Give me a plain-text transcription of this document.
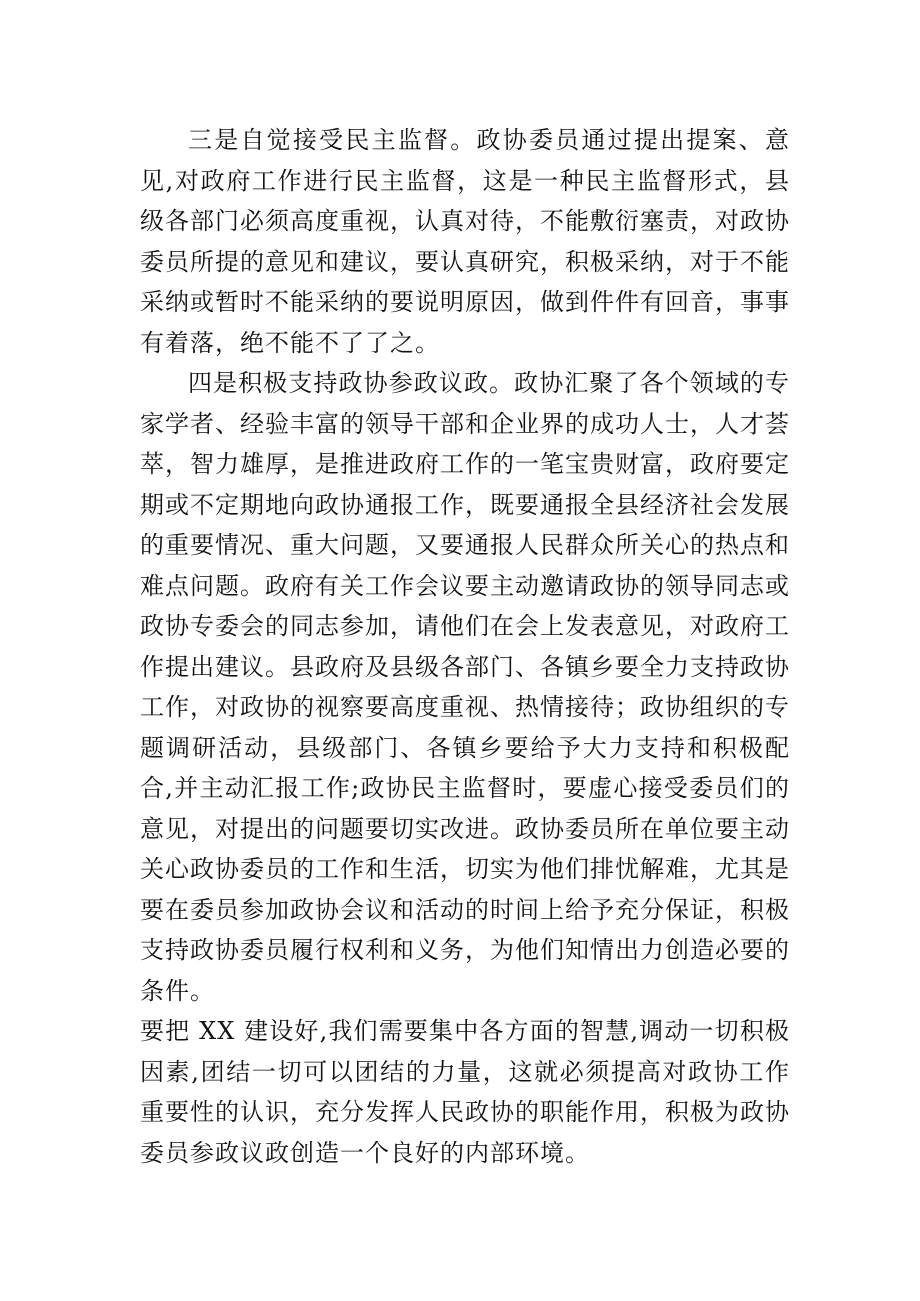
三是自觉接受民主监督。政协委员通过提出提案、意见,对政府工作进行民主监督，这是一种民主监督形式，县级各部门必须高度重视，认真对待，不能敷衍塞责，对政协委员所提的意见和建议，要认真研究，积极采纳，对于不能采纳或暂时不能采纳的要说明原因，做到件件有回音，事事有着落，绝不能不了了之。

四是积极支持政协参政议政。政协汇聚了各个领域的专家学者、经验丰富的领导干部和企业界的成功人士，人才荟萃，智力雄厚，是推进政府工作的一笔宝贵财富，政府要定期或不定期地向政协通报工作，既要通报全县经济社会发展的重要情况、重大问题，又要通报人民群众所关心的热点和难点问题。政府有关工作会议要主动邀请政协的领导同志或政协专委会的同志参加，请他们在会上发表意见，对政府工作提出建议。县政府及县级各部门、各镇乡要全力支持政协工作，对政协的视察要高度重视、热情接待；政协组织的专题调研活动，县级部门、各镇乡要给予大力支持和积极配合,并主动汇报工作;政协民主监督时，要虚心接受委员们的意见，对提出的问题要切实改进。政协委员所在单位要主动关心政协委员的工作和生活，切实为他们排忧解难，尤其是要在委员参加政协会议和活动的时间上给予充分保证，积极支持政协委员履行权利和义务，为他们知情出力创造必要的条件。

要把 XX 建设好,我们需要集中各方面的智慧,调动一切积极因素,团结一切可以团结的力量，这就必须提高对政协工作重要性的认识，充分发挥人民政协的职能作用，积极为政协委员参政议政创造一个良好的内部环境。
